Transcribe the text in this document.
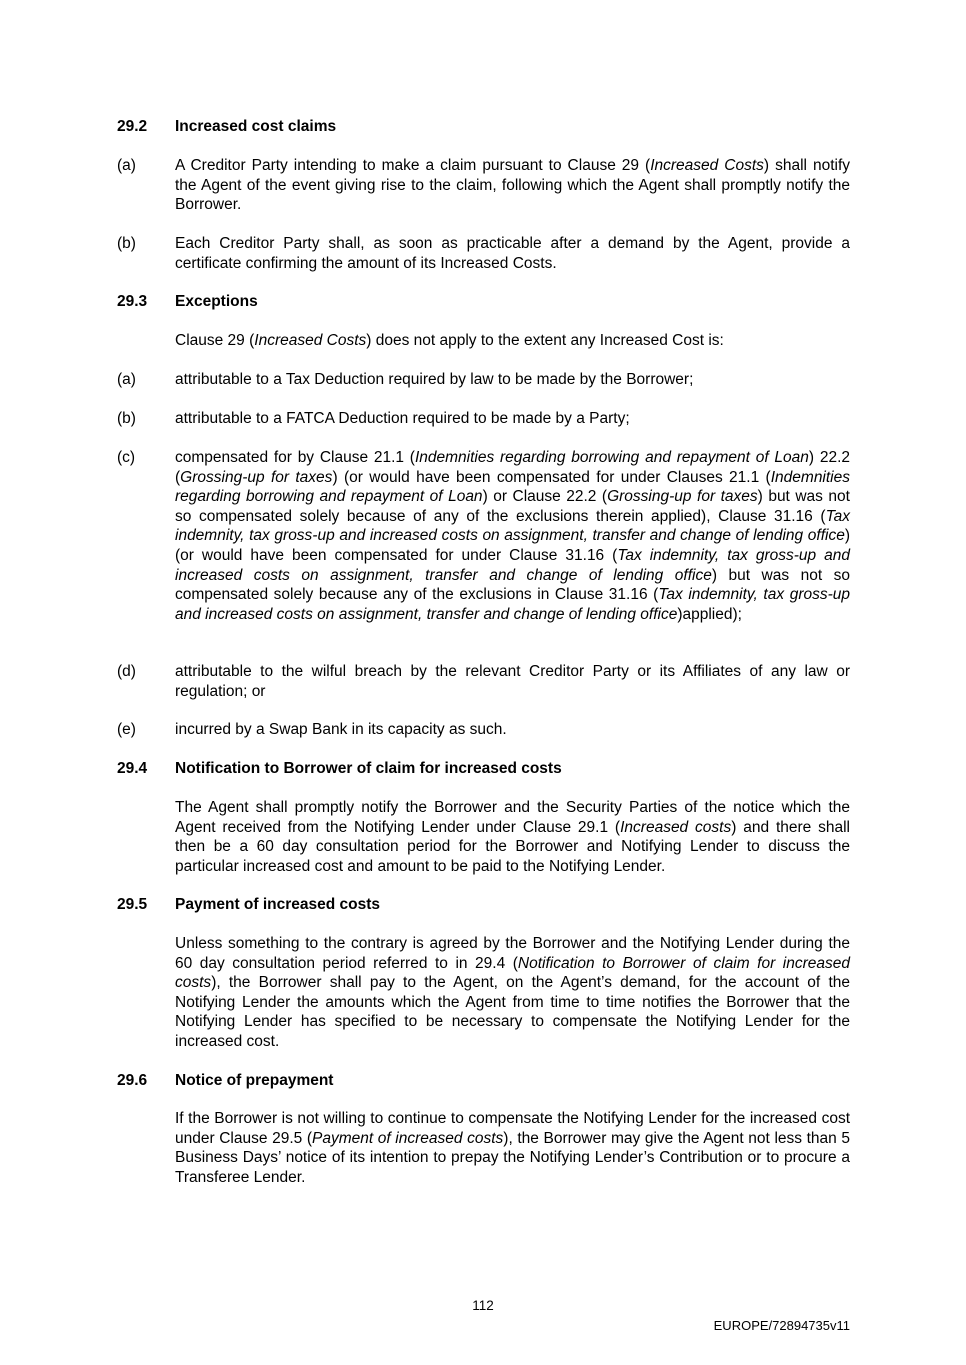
29.2	Increased cost claims
(a)	A Creditor Party intending to make a claim pursuant to Clause 29 (Increased Costs) shall notify the Agent of the event giving rise to the claim, following which the Agent shall promptly notify the Borrower.
(b)	Each Creditor Party shall, as soon as practicable after a demand by the Agent, provide a certificate confirming the amount of its Increased Costs.
29.3	Exceptions
Clause 29 (Increased Costs) does not apply to the extent any Increased Cost is:
(a)	attributable to a Tax Deduction required by law to be made by the Borrower;
(b)	attributable to a FATCA Deduction required to be made by a Party;
(c)	compensated for by Clause 21.1 (Indemnities regarding borrowing and repayment of Loan) 22.2 (Grossing-up for taxes) (or would have been compensated for under Clauses 21.1 (Indemnities regarding borrowing and repayment of Loan) or Clause 22.2 (Grossing-up for taxes) but was not so compensated solely because of any of the exclusions therein applied), Clause 31.16 (Tax indemnity, tax gross-up and increased costs on assignment, transfer and change of lending office) (or would have been compensated for under Clause 31.16 (Tax indemnity, tax gross-up and increased costs on assignment, transfer and change of lending office) but was not so compensated solely because any of the exclusions in Clause 31.16 (Tax indemnity, tax gross-up and increased costs on assignment, transfer and change of lending office)applied);
(d)	attributable to the wilful breach by the relevant Creditor Party or its Affiliates of any law or regulation; or
(e)	incurred by a Swap Bank in its capacity as such.
29.4	Notification to Borrower of claim for increased costs
The Agent shall promptly notify the Borrower and the Security Parties of the notice which the Agent received from the Notifying Lender under Clause 29.1 (Increased costs) and there shall then be a 60 day consultation period for the Borrower and Notifying Lender to discuss the particular increased cost and amount to be paid to the Notifying Lender.
29.5	Payment of increased costs
Unless something to the contrary is agreed by the Borrower and the Notifying Lender during the 60 day consultation period referred to in 29.4 (Notification to Borrower of claim for increased costs), the Borrower shall pay to the Agent, on the Agent’s demand, for the account of the Notifying Lender the amounts which the Agent from time to time notifies the Borrower that the Notifying Lender has specified to be necessary to compensate the Notifying Lender for the increased cost.
29.6	Notice of prepayment
If the Borrower is not willing to continue to compensate the Notifying Lender for the increased cost under Clause 29.5 (Payment of increased costs), the Borrower may give the Agent not less than 5 Business Days’ notice of its intention to prepay the Notifying Lender’s Contribution or to procure a Transferee Lender.
112
EUROPE/72894735v11
